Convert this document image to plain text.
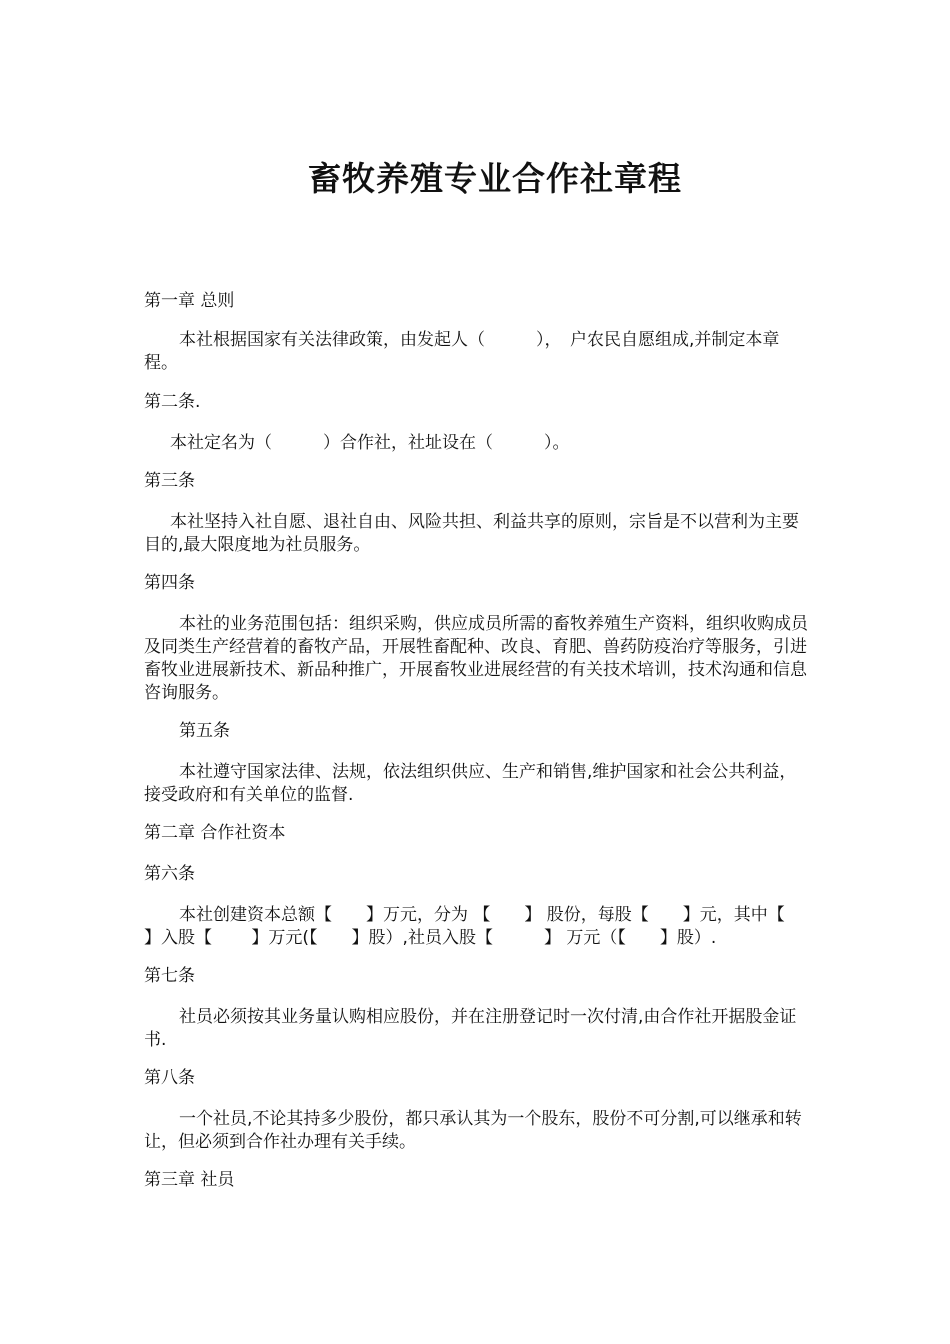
畜牧养殖专业合作社章程

第一章 总则

本社根据国家有关法律政策，由发起人（　　　），　户农民自愿组成,并制定本章程。

第二条.

本社定名为（　　　）合作社，社址设在（　　　）。

第三条

本社坚持入社自愿、退社自由、风险共担、利益共享的原则，宗旨是不以营利为主要目的,最大限度地为社员服务。

第四条

本社的业务范围包括：组织采购，供应成员所需的畜牧养殖生产资料，组织收购成员及同类生产经营着的畜牧产品，开展牲畜配种、改良、育肥、兽药防疫治疗等服务，引进畜牧业进展新技术、新品种推广，开展畜牧业进展经营的有关技术培训，技术沟通和信息咨询服务。

第五条

本社遵守国家法律、法规，依法组织供应、生产和销售,维护国家和社会公共利益，接受政府和有关单位的监督.

第二章 合作社资本

第六条

本社创建资本总额【　　】万元，分为 【　　】 股份，每股【　　】元，其中【　　】入股【　　 】万元(【　　】股）,社员入股【　　　】 万元（【　　】股）.

第七条

社员必须按其业务量认购相应股份，并在注册登记时一次付清,由合作社开据股金证书.

第八条

一个社员,不论其持多少股份，都只承认其为一个股东，股份不可分割,可以继承和转让，但必须到合作社办理有关手续。

第三章 社员
